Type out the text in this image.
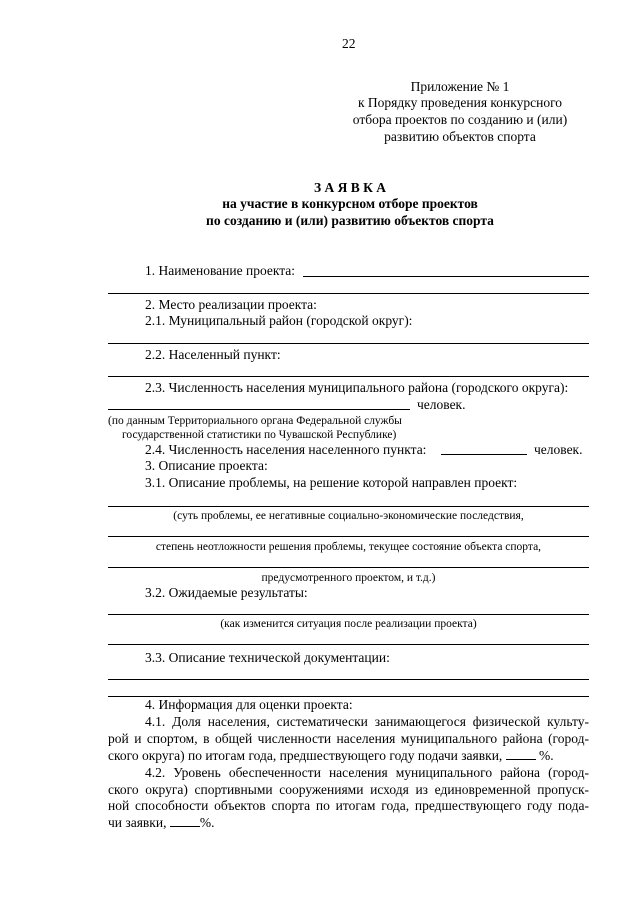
22
Приложение № 1
к Порядку проведения конкурсного
отбора проектов по созданию и (или)
развитию объектов спорта
З А Я В К А
на участие в конкурсном отборе проектов
по созданию и (или) развитию объектов спорта
1. Наименование проекта:
2. Место реализации проекта:
2.1. Муниципальный район (городской округ):
2.2. Населенный пункт:
2.3. Численность населения муниципального района (городского округа):
человек.
(по данным Территориального органа Федеральной службы
государственной статистики по Чувашской Республике)
2.4. Численность населения населенного пункта:	человек.
3. Описание проекта:
3.1. Описание проблемы, на решение которой направлен проект:
(суть проблемы, ее негативные социально-экономические последствия,
степень неотложности решения проблемы, текущее состояние объекта спорта,
предусмотренного проектом, и т.д.)
3.2. Ожидаемые результаты:
(как изменится ситуация после реализации проекта)
3.3. Описание технической документации:
4. Информация для оценки проекта:
4.1. Доля населения, систематически занимающегося физической культу-
рой и спортом, в общей численности населения муниципального района (город-
ского округа) по итогам года, предшествующего году подачи заявки,	%.
4.2. Уровень обеспеченности населения муниципального района (город-
ского округа) спортивными сооружениями исходя из единовременной пропуск-
ной способности объектов спорта по итогам года, предшествующего году пода-
чи заявки, %.
